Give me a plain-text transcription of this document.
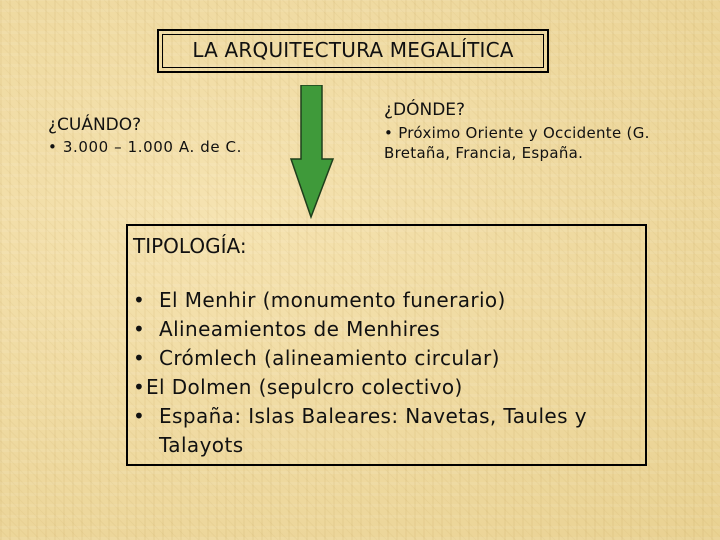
LA ARQUITECTURA MEGALÍTICA
¿CUÁNDO?
• 3.000 – 1.000 A. de C.
¿DÓNDE?
• Próximo Oriente y Occidente (G. Bretaña, Francia, España.
TIPOLOGÍA:
• El Menhir (monumento funerario)
• Alineamientos de Menhires
• Crómlech (alineamiento circular)
• El Dolmen (sepulcro colectivo)
• España: Islas Baleares: Navetas, Taules y Talayots
